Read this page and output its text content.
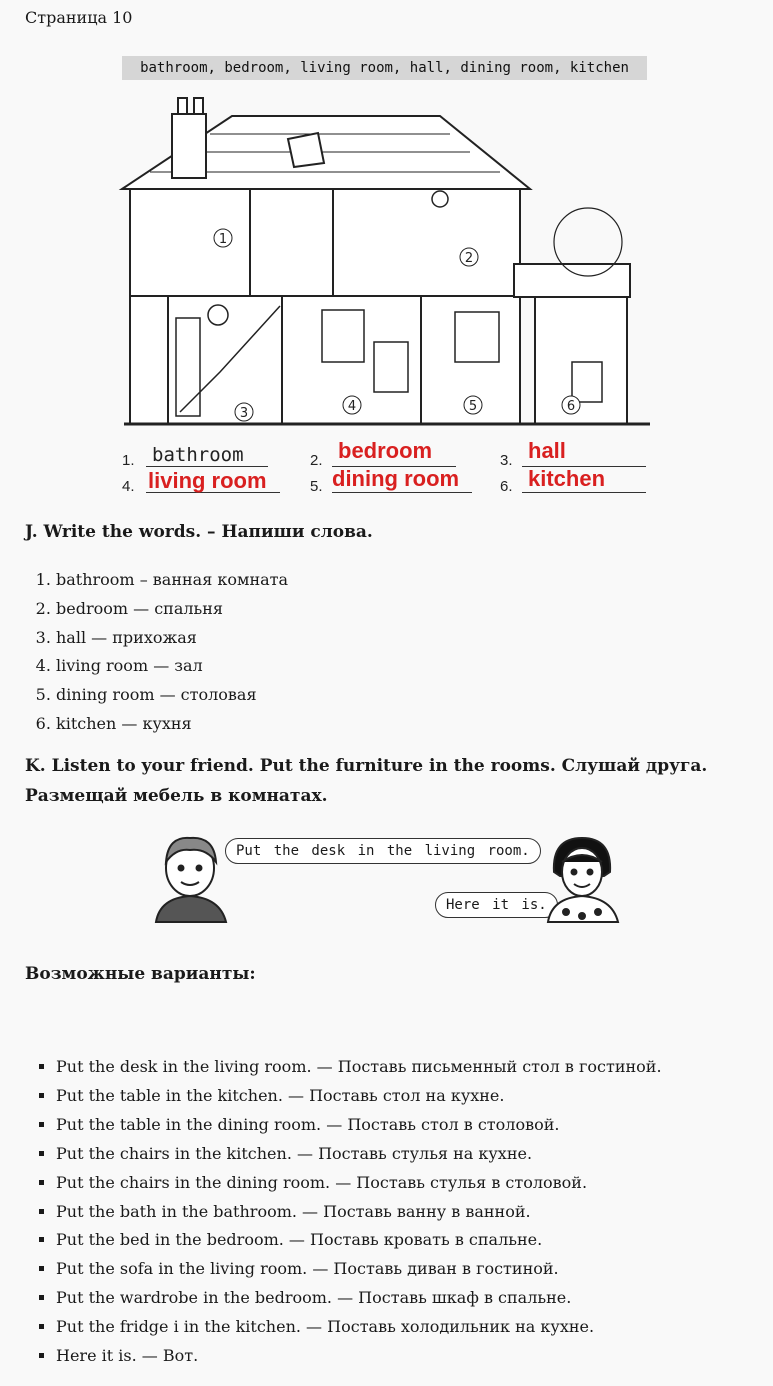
Страница 10
bathroom, bedroom, living room, hall, dining room, kitchen
1
2
3	4	5	6
1. bathroom	2. bedroom	3. hall
4. living room	5. dining room	6. kitchen
J. Write the words. – Напиши слова.
1. bathroom – ванная комната
2. bedroom — спальня
3. hall — прихожая
4. living room — зал
5. dining room — столовая
6. kitchen — кухня
K. Listen to your friend. Put the furniture in the rooms. Слушай друга.
Размещай мебель в комнатах.
Put the desk in the living room.
Here it is.
Возможные варианты:
▪ Put the desk in the living room. — Поставь письменный стол в гостиной.
▪ Put the table in the kitchen. — Поставь стол на кухне.
▪ Put the table in the dining room. — Поставь стол в столовой.
▪ Put the chairs in the kitchen. — Поставь стулья на кухне.
▪ Put the chairs in the dining room. — Поставь стулья в столовой.
▪ Put the bath in the bathroom. — Поставь ванну в ванной.
▪ Put the bed in the bedroom. — Поставь кровать в спальне.
▪ Put the sofa in the living room. — Поставь диван в гостиной.
▪ Put the wardrobe in the bedroom. — Поставь шкаф в спальне.
▪ Put the fridge i in the kitchen. — Поставь холодильник на кухне.
▪ Here it is. — Вот.
